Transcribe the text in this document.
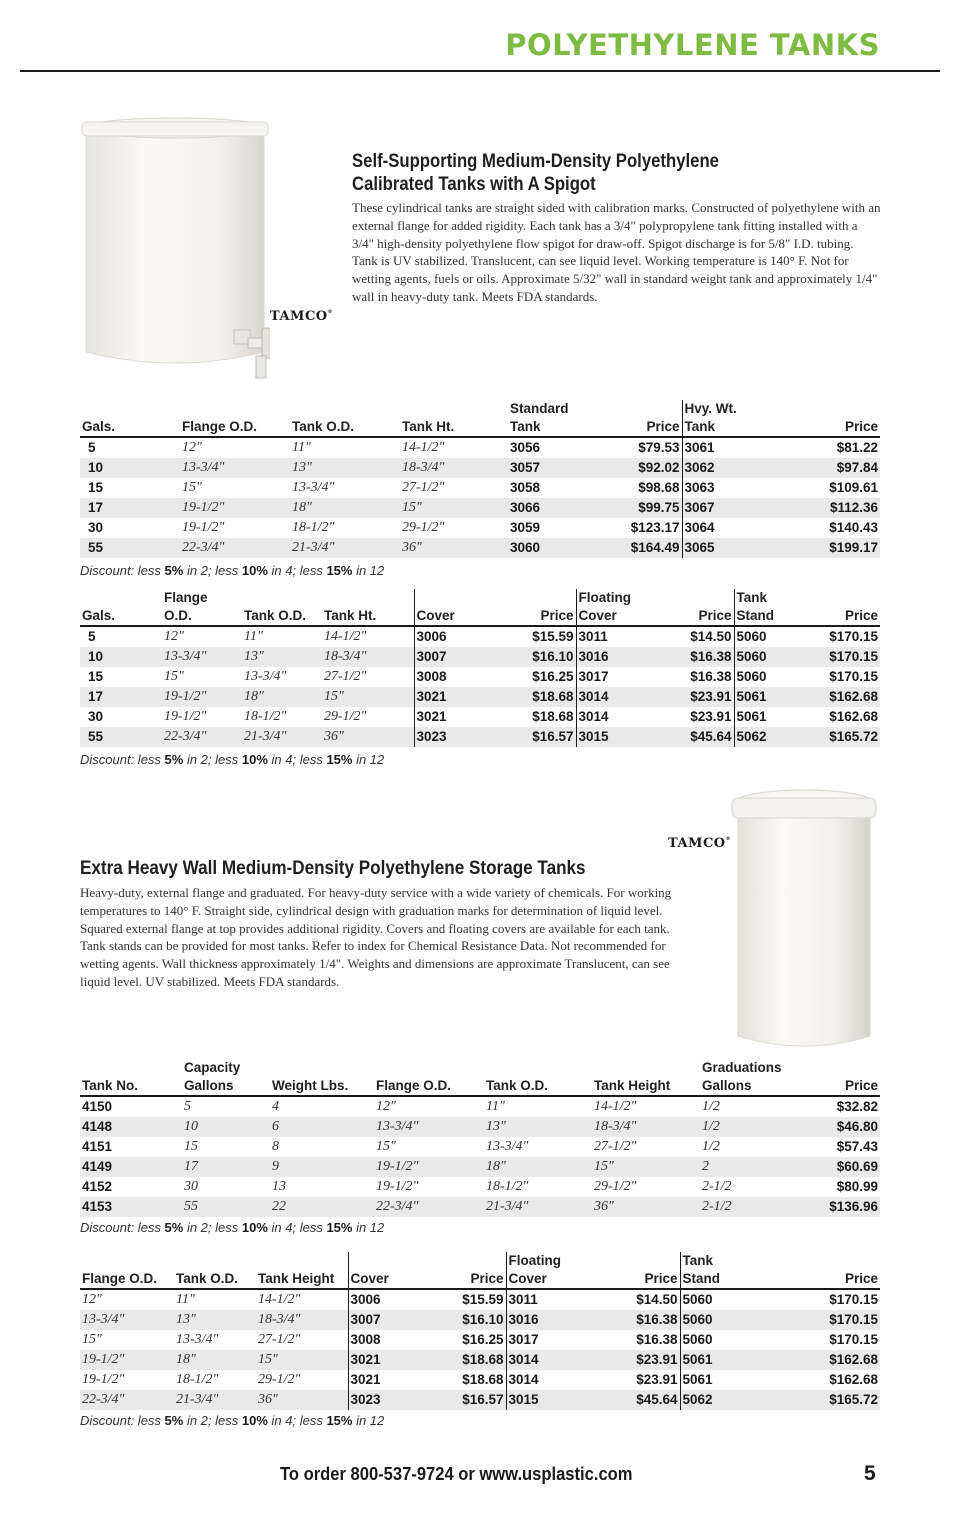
POLYETHYLENE TANKS
TAMCO®
Self-Supporting Medium-Density Polyethylene
Calibrated Tanks with A Spigot
These cylindrical tanks are straight sided with calibration marks. Constructed of polyethylene with an external flange for added rigidity. Each tank has a 3/4" polypropylene tank fitting installed with a 3/4" high-density polyethylene flow spigot for draw-off. Spigot discharge is for 5/8" I.D. tubing. Tank is UV stabilized. Translucent, can see liquid level. Working temperature is 140° F. Not for wetting agents, fuels or oils. Approximate 5/32" wall in standard weight tank and approximately 1/4" wall in heavy-duty tank. Meets FDA standards.
Gals.	Flange O.D.	Tank O.D.	Tank Ht.	Standard
Tank	Price	Hvy. Wt.
Tank	Price
5	12"	11"	14-1/2"	3056	$79.53	3061	$81.22
10	13-3/4"	13"	18-3/4"	3057	$92.02	3062	$97.84
15	15"	13-3/4"	27-1/2"	3058	$98.68	3063	$109.61
17	19-1/2"	18"	15"	3066	$99.75	3067	$112.36
30	19-1/2"	18-1/2"	29-1/2"	3059	$123.17	3064	$140.43
55	22-3/4"	21-3/4"	36"	3060	$164.49	3065	$199.17
Discount: less 5% in 2; less 10% in 4; less 15% in 12
Gals.	Flange
O.D.	Tank O.D.	Tank Ht.	Cover	Price	Floating
Cover	Price	Tank
Stand	Price
5	12"	11"	14-1/2"	3006	$15.59	3011	$14.50	5060	$170.15
10	13-3/4"	13"	18-3/4"	3007	$16.10	3016	$16.38	5060	$170.15
15	15"	13-3/4"	27-1/2"	3008	$16.25	3017	$16.38	5060	$170.15
17	19-1/2"	18"	15"	3021	$18.68	3014	$23.91	5061	$162.68
30	19-1/2"	18-1/2"	29-1/2"	3021	$18.68	3014	$23.91	5061	$162.68
55	22-3/4"	21-3/4"	36"	3023	$16.57	3015	$45.64	5062	$165.72
Discount: less 5% in 2; less 10% in 4; less 15% in 12
TAMCO®
Extra Heavy Wall Medium-Density Polyethylene Storage Tanks
Heavy-duty, external flange and graduated. For heavy-duty service with a wide variety of chemicals. For working temperatures to 140° F. Straight side, cylindrical design with graduation marks for determination of liquid level. Squared external flange at top provides additional rigidity. Covers and floating covers are available for each tank. Tank stands can be provided for most tanks. Refer to index for Chemical Resistance Data. Not recommended for wetting agents. Wall thickness approximately 1/4". Weights and dimensions are approximate Translucent, can see liquid level. UV stabilized. Meets FDA standards.
Tank No.	Capacity
Gallons	Weight Lbs.	Flange O.D.	Tank O.D.	Tank Height	Graduations
Gallons	Price
4150	5	4	12"	11"	14-1/2"	1/2	$32.82
4148	10	6	13-3/4"	13"	18-3/4"	1/2	$46.80
4151	15	8	15"	13-3/4"	27-1/2"	1/2	$57.43
4149	17	9	19-1/2"	18"	15"	2	$60.69
4152	30	13	19-1/2"	18-1/2"	29-1/2"	2-1/2	$80.99
4153	55	22	22-3/4"	21-3/4"	36"	2-1/2	$136.96
Discount: less 5% in 2; less 10% in 4; less 15% in 12
Flange O.D.	Tank O.D.	Tank Height	Cover	Price	Floating
Cover	Price	Tank
Stand	Price
12"	11"	14-1/2"	3006	$15.59	3011	$14.50	5060	$170.15
13-3/4"	13"	18-3/4"	3007	$16.10	3016	$16.38	5060	$170.15
15"	13-3/4"	27-1/2"	3008	$16.25	3017	$16.38	5060	$170.15
19-1/2"	18"	15"	3021	$18.68	3014	$23.91	5061	$162.68
19-1/2"	18-1/2"	29-1/2"	3021	$18.68	3014	$23.91	5061	$162.68
22-3/4"	21-3/4"	36"	3023	$16.57	3015	$45.64	5062	$165.72
Discount: less 5% in 2; less 10% in 4; less 15% in 12
To order 800-537-9724 or www.usplastic.com	5
